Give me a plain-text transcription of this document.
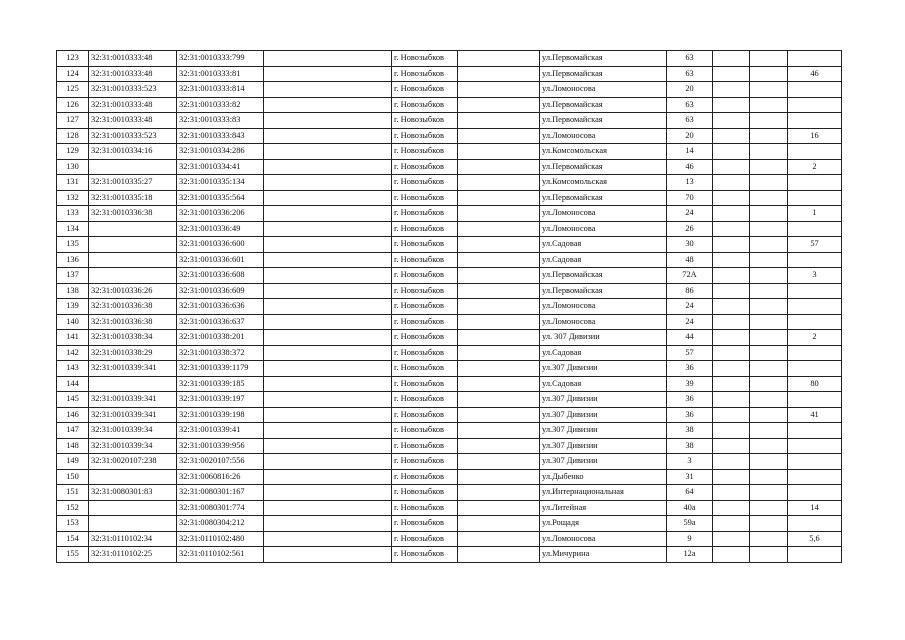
123	32:31:0010333:48	32:31:0010333:799		г. Новозыбков		ул.Первомайская	63			
124	32:31:0010333:48	32:31:0010333:81		г. Новозыбков		ул.Первомайская	63			46
125	32:31:0010333:523	32:31:0010333:814		г. Новозыбков		ул.Ломоносова	20			
126	32:31:0010333:48	32:31:0010333:82		г. Новозыбков		ул.Первомайская	63			
127	32:31:0010333:48	32:31:0010333:83		г. Новозыбков		ул.Первомайская	63			
128	32:31:0010333:523	32:31:0010333:843		г. Новозыбков		ул.Ломоносова	20			16
129	32:31:0010334:16	32:31:0010334:286		г. Новозыбков		ул.Комсомольская	14			
130		32:31:0010334:41		г. Новозыбков		ул.Первомайская	46			2
131	32:31:0010335:27	32:31:0010335:134		г. Новозыбков		ул.Комсомольская	13			
132	32:31:0010335:18	32:31:0010335:564		г. Новозыбков		ул.Первомайская	70			
133	32:31:0010336:38	32:31:0010336:206		г. Новозыбков		ул.Ломоносова	24			1
134		32:31:0010336:49		г. Новозыбков		ул.Ломоносова	26			
135		32:31:0010336:600		г. Новозыбков		ул.Садовая	30			57
136		32:31:0010336:601		г. Новозыбков		ул.Садовая	48			
137		32:31:0010336:608		г. Новозыбков		ул.Первомайская	72А			3
138	32:31:0010336:26	32:31:0010336:609		г. Новозыбков		ул.Первомайская	86			
139	32:31:0010336:38	32:31:0010336:636		г. Новозыбков		ул.Ломоносова	24			
140	32:31:0010336:38	32:31:0010336:637		г. Новозыбков		ул.Ломоносова	24			
141	32:31:0010338:34	32:31:0010338:201		г. Новозыбков		ул. 307 Дивизии	44			2
142	32:31:0010338:29	32:31:0010338:372		г. Новозыбков		ул.Садовая	57			
143	32:31:0010339:341	32:31:0010339:1179		г. Новозыбков		ул.307 Дивизии	36			
144		32:31:0010339:185		г. Новозыбков		ул.Садовая	39			80
145	32:31:0010339:341	32:31:0010339:197		г. Новозыбков		ул.307 Дивизии	36			
146	32:31:0010339:341	32:31:0010339:198		г. Новозыбков		ул.307 Дивизии	36			41
147	32:31:0010339:34	32:31:0010339:41		г. Новозыбков		ул.307 Дивизии	38			
148	32:31:0010339:34	32:31:0010339:956		г. Новозыбков		ул.307 Дивизии	38			
149	32:31:0020107:238	32:31:0020107:556		г. Новозыбков		ул.307 Дивизии	3			
150		32:31:0060816:26		г. Новозыбков		ул.Дыбенко	31			
151	32:31:0080301:83	32:31:0080301:167		г. Новозыбков		ул.Интернациональная	64			
152		32:31:0080301:774		г. Новозыбков		ул.Литейная	40а			14
153		32:31:0080304:212		г. Новозыбков		ул.Рощадя	59а			
154	32:31:0110102:34	32:31:0110102:480		г. Новозыбков		ул.Ломоносова	9			5,6
155	32:31:0110102:25	32:31:0110102:561		г. Новозыбков		ул.Мичурина	12а			
